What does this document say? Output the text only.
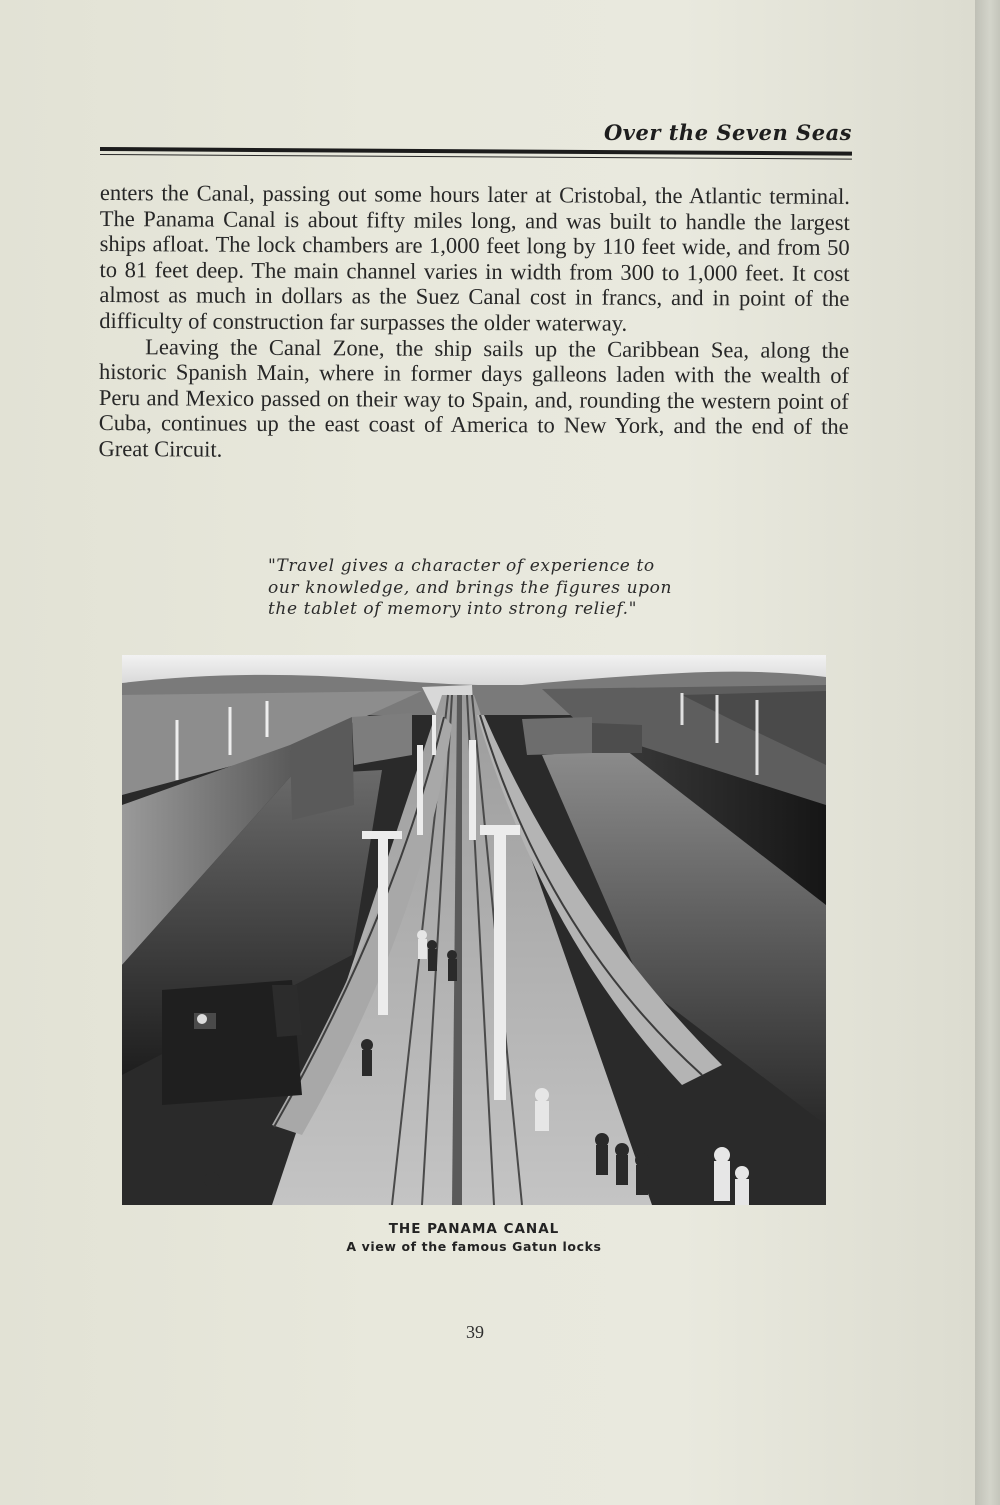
Over the Seven Seas

enters the Canal, passing out some hours later at Cristobal, the Atlantic terminal. The Panama Canal is about fifty miles long, and was built to handle the largest ships afloat. The lock chambers are 1,000 feet long by 110 feet wide, and from 50 to 81 feet deep. The main channel varies in width from 300 to 1,000 feet. It cost almost as much in dollars as the Suez Canal cost in francs, and in point of the difficulty of construction far surpasses the older waterway.

Leaving the Canal Zone, the ship sails up the Caribbean Sea, along the historic Spanish Main, where in former days galleons laden with the wealth of Peru and Mexico passed on their way to Spain, and, rounding the western point of Cuba, continues up the east coast of America to New York, and the end of the Great Circuit.

"Travel gives a character of experience to
our knowledge, and brings the figures upon
the tablet of memory into strong relief."
THE PANAMA CANAL
A view of the famous Gatun locks
39
